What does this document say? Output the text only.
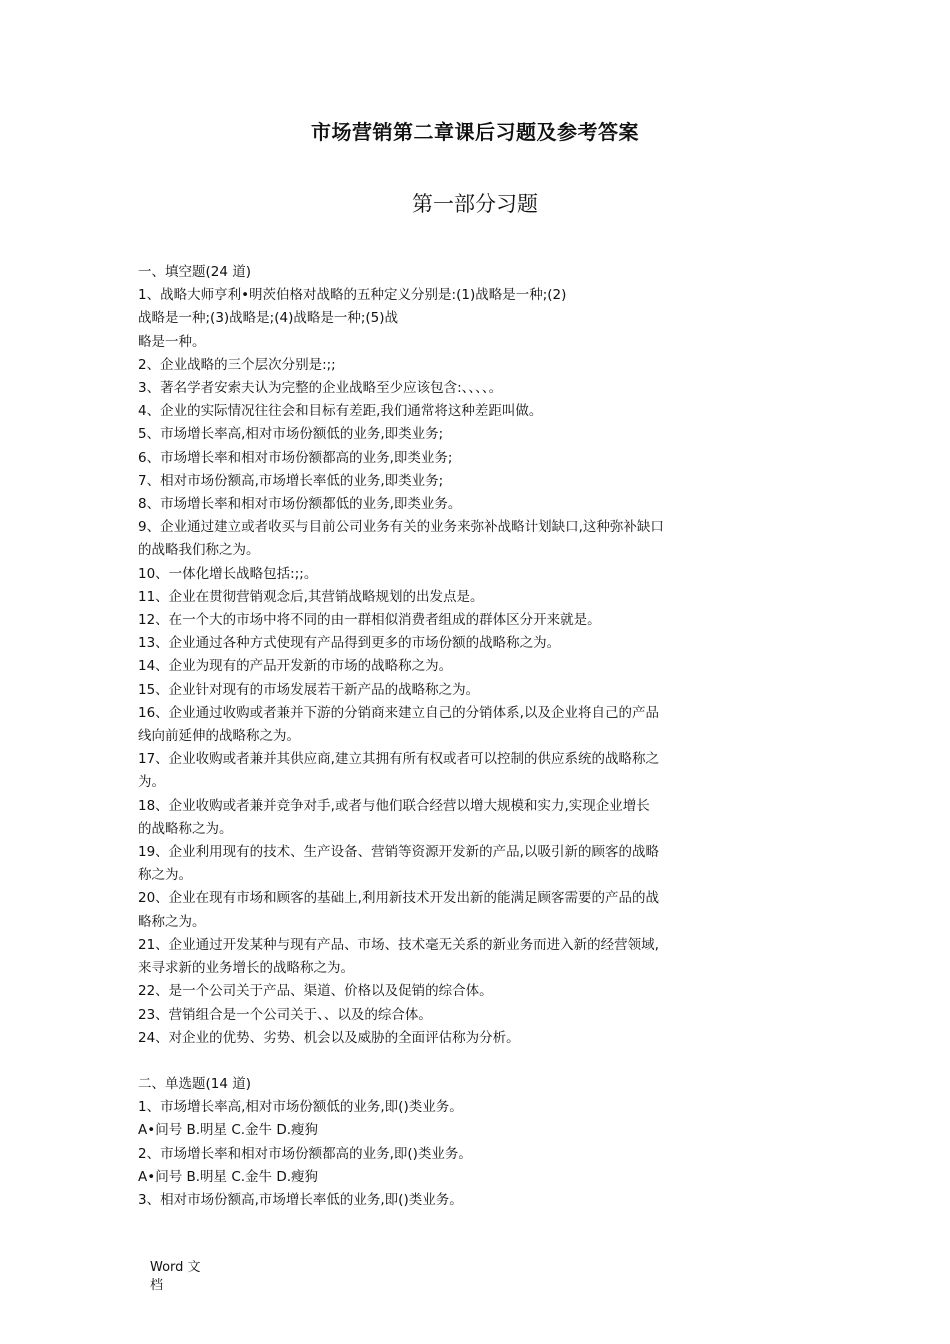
市场营销第二章课后习题及参考答案
第一部分习题

一、填空题(24 道)

1、战略大师亨利•明茨伯格对战略的五种定义分别是:(1)战略是一种;(2)

战略是一种;(3)战略是;(4)战略是一种;(5)战

略是一种。

2、企业战略的三个层次分别是:;;

3、著名学者安索夫认为完整的企业战略至少应该包含:、、、、。

4、企业的实际情况往往会和目标有差距,我们通常将这种差距叫做。

5、市场增长率高,相对市场份额低的业务,即类业务;

6、市场增长率和相对市场份额都高的业务,即类业务;

7、相对市场份额高,市场增长率低的业务,即类业务;

8、市场增长率和相对市场份额都低的业务,即类业务。

9、企业通过建立或者收买与目前公司业务有关的业务来弥补战略计划缺口,这种弥补缺口

的战略我们称之为。

10、一体化增长战略包括:;;。

11、企业在贯彻营销观念后,其营销战略规划的出发点是。

12、在一个大的市场中将不同的由一群相似消费者组成的群体区分开来就是。

13、企业通过各种方式使现有产品得到更多的市场份额的战略称之为。

14、企业为现有的产品开发新的市场的战略称之为。

15、企业针对现有的市场发展若干新产品的战略称之为。

16、企业通过收购或者兼并下游的分销商来建立自己的分销体系,以及企业将自己的产品

线向前延伸的战略称之为。

17、企业收购或者兼并其供应商,建立其拥有所有权或者可以控制的供应系统的战略称之

为。

18、企业收购或者兼并竞争对手,或者与他们联合经营以增大规模和实力,实现企业增长

的战略称之为。

19、企业利用现有的技术、生产设备、营销等资源开发新的产品,以吸引新的顾客的战略

称之为。

20、企业在现有市场和顾客的基础上,利用新技术开发出新的能满足顾客需要的产品的战

略称之为。

21、企业通过开发某种与现有产品、市场、技术毫无关系的新业务而进入新的经营领域,

来寻求新的业务增长的战略称之为。

22、是一个公司关于产品、渠道、价格以及促销的综合体。

23、营销组合是一个公司关于、、以及的综合体。

24、对企业的优势、劣势、机会以及威胁的全面评估称为分析。

二、单选题(14 道)

1、市场增长率高,相对市场份额低的业务,即()类业务。

A•问号 B.明星 C.金牛 D.瘦狗

2、市场增长率和相对市场份额都高的业务,即()类业务。

A•问号 B.明星 C.金牛 D.瘦狗

3、相对市场份额高,市场增长率低的业务,即()类业务。

Word 文
档
